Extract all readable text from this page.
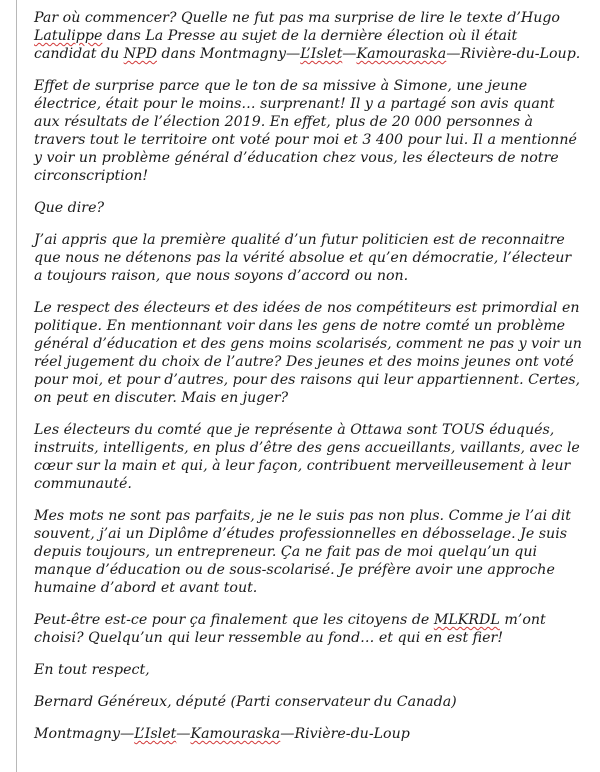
Par où commencer? Quelle ne fut pas ma surprise de lire le texte d’Hugo Latulippe dans La Presse au sujet de la dernière élection où il était candidat du NPD dans Montmagny—L’Islet—Kamouraska—Rivière-du-Loup.

Effet de surprise parce que le ton de sa missive à Simone, une jeune électrice, était pour le moins… surprenant! Il y a partagé son avis quant aux résultats de l’élection 2019. En effet, plus de 20 000 personnes à travers tout le territoire ont voté pour moi et 3 400 pour lui. Il a mentionné y voir un problème général d’éducation chez vous, les électeurs de notre circonscription!

Que dire?

J’ai appris que la première qualité d’un futur politicien est de reconnaitre que nous ne détenons pas la vérité absolue et qu’en démocratie, l’électeur a toujours raison, que nous soyons d’accord ou non.

Le respect des électeurs et des idées de nos compétiteurs est primordial en politique. En mentionnant voir dans les gens de notre comté un problème général d’éducation et des gens moins scolarisés, comment ne pas y voir un réel jugement du choix de l’autre? Des jeunes et des moins jeunes ont voté pour moi, et pour d’autres, pour des raisons qui leur appartiennent. Certes, on peut en discuter. Mais en juger?

Les électeurs du comté que je représente à Ottawa sont TOUS éduqués, instruits, intelligents, en plus d’être des gens accueillants, vaillants, avec le cœur sur la main et qui, à leur façon, contribuent merveilleusement à leur communauté.

Mes mots ne sont pas parfaits, je ne le suis pas non plus. Comme je l’ai dit souvent, j’ai un Diplôme d’études professionnelles en débosselage. Je suis depuis toujours, un entrepreneur. Ça ne fait pas de moi quelqu’un qui manque d’éducation ou de sous-scolarisé. Je préfère avoir une approche humaine d’abord et avant tout.

Peut-être est-ce pour ça finalement que les citoyens de MLKRDL m’ont choisi? Quelqu’un qui leur ressemble au fond… et qui en est fier!

En tout respect,

Bernard Généreux, député (Parti conservateur du Canada)

Montmagny—L’Islet—Kamouraska—Rivière-du-Loup
